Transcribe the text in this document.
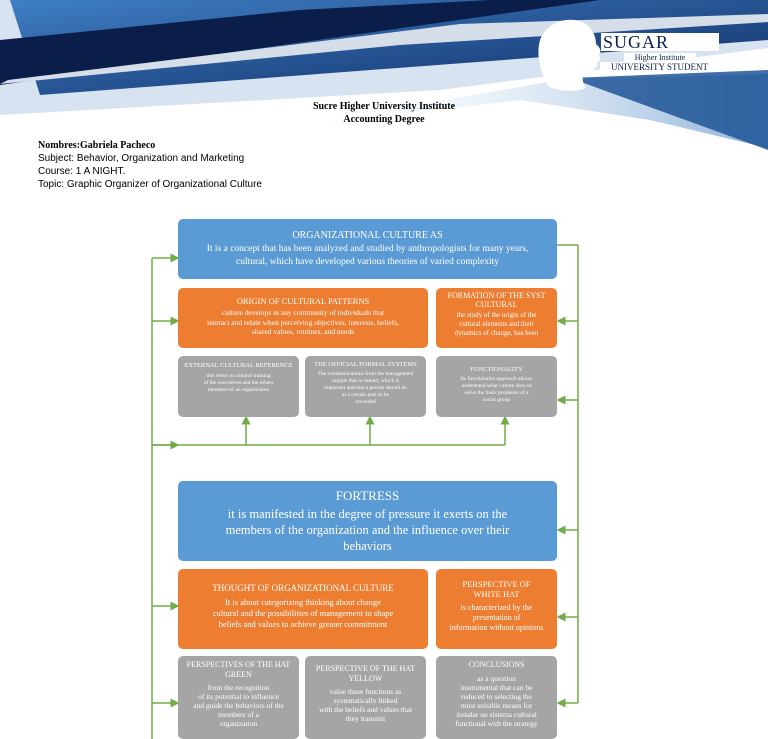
SUGAR
Higher Institute
UNIVERSITY STUDENT
Sucre Higher University Institute
Accounting Degree
Nombres:Gabriela Pacheco
Subject: Behavior, Organization and Marketing
Course: 1 A NIGHT.
Topic: Graphic Organizer of Organizational Culture
ORGANIZATIONAL CULTURE AS
It is a concept that has been analyzed and studied by anthropologists for many years,
cultural, which have developed various theories of varied complexity
ORIGIN OF CULTURAL PATTERNS
culture develops in any community of individuals that
interact and relate when perceiving objectives, interests, beliefs,
shared values, routines, and needs
FORMATION OF THE SYST
CULTURAL
the study of the origin of the
cultural elements and their
dynamics of change, has been
EXTERNAL CULTURAL REFERENCE
this refers to cultural training
of the executives and the others
members of an organization
THE OFFICIAL FORMAL SYSTEMS
The communications from the management
sample that is valued, which is
important and that a person should do
at a certain post to be
rewarded
FUNCTIONALITY
Its functionalist approach allows
understand what culture does to
solve the basic problems of a
social group
FORTRESS
it is manifested in the degree of pressure it exerts on the
members of the organization and the influence over their
behaviors
THOUGHT OF ORGANIZATIONAL CULTURE
It is about categorizing thinking about change
cultural and the possibilities of management to shape
beliefs and values to achieve greater commitment
PERSPECTIVE OF
WHITE HAT
is characterized by the
presentation of
information without opinions
PERSPECTIVES OF THE HAT
GREEN
from the recognition
of its potential to influence
and guide the behaviors of the
members of a
organization
PERSPECTIVE OF THE HAT
YELLOW
value these functions as
systematically linked
with the beliefs and values that
they transmit
CONCLUSIONS
as a question
instrumental that can be
reduced to selecting the
most suitable means for
instalar un sistema cultural
functional with the strategy
